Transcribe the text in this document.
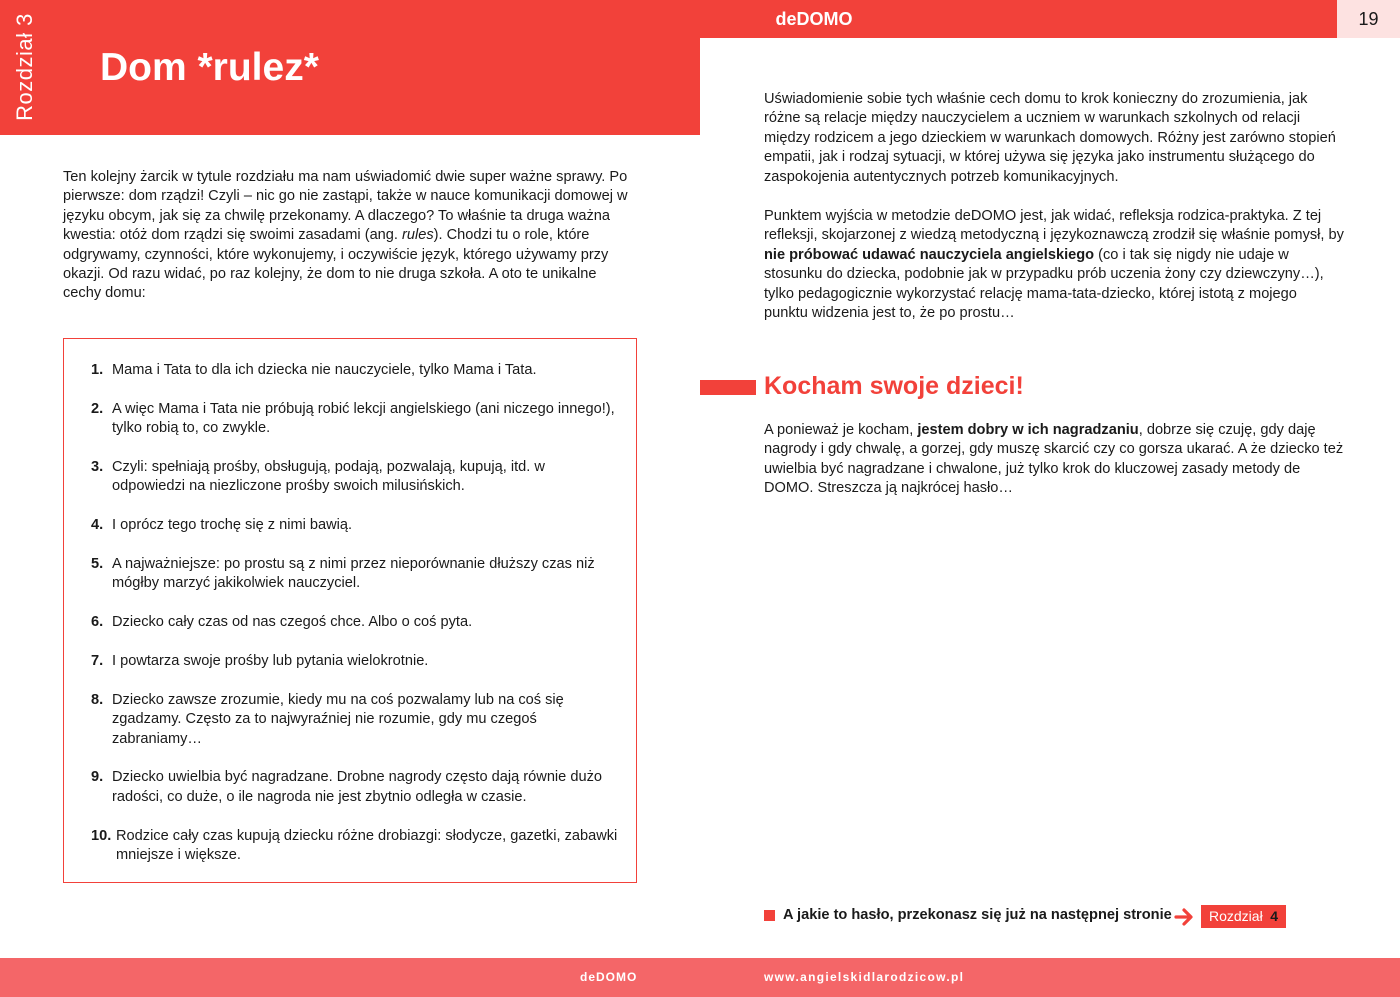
Rozdział 3	deDOMO	19
Dom *rulez*

Ten kolejny żarcik w tytule rozdziału ma nam uświadomić dwie super ważne sprawy. Po pierwsze: dom rządzi! Czyli – nic go nie zastąpi, także w nauce komunikacji domowej w języku obcym, jak się za chwilę przekonamy. A dlaczego? To właśnie ta druga ważna kwestia: otóż dom rządzi się swoimi zasadami (ang. rules). Chodzi tu o role, które odgrywamy, czynności, które wykonujemy, i oczywiście język, którego używamy przy okazji. Od razu widać, po raz kolejny, że dom to nie druga szkoła. A oto te unikalne cechy domu:

1. Mama i Tata to dla ich dziecka nie nauczyciele, tylko Mama i Tata.
2. A więc Mama i Tata nie próbują robić lekcji angielskiego (ani niczego innego!), tylko robią to, co zwykle.
3. Czyli: spełniają prośby, obsługują, podają, pozwalają, kupują, itd. w odpowiedzi na niezliczone prośby swoich milusińskich.
4. I oprócz tego trochę się z nimi bawią.
5. A najważniejsze: po prostu są z nimi przez nieporównanie dłuższy czas niż mógłby marzyć jakikolwiek nauczyciel.
6. Dziecko cały czas od nas czegoś chce. Albo o coś pyta.
7. I powtarza swoje prośby lub pytania wielokrotnie.
8. Dziecko zawsze zrozumie, kiedy mu na coś pozwalamy lub na coś się zgadzamy. Często za to najwyraźniej nie rozumie, gdy mu czegoś zabraniamy…
9. Dziecko uwielbia być nagradzane. Drobne nagrody często dają równie dużo radości, co duże, o ile nagroda nie jest zbytnio odległa w czasie.
10. Rodzice cały czas kupują dziecku różne drobiazgi: słodycze, gazetki, zabawki mniejsze i większe.

Uświadomienie sobie tych właśnie cech domu to krok konieczny do zrozumienia, jak różne są relacje między nauczycielem a uczniem w warunkach szkolnych od relacji między rodzicem a jego dzieckiem w warunkach domowych. Różny jest zarówno stopień empatii, jak i rodzaj sytuacji, w której używa się języka jako instrumentu służącego do zaspokojenia autentycznych potrzeb komunikacyjnych.

Punktem wyjścia w metodzie deDOMO jest, jak widać, refleksja rodzica-praktyka. Z tej refleksji, skojarzonej z wiedzą metodyczną i językoznawczą zrodził się właśnie pomysł, by nie próbować udawać nauczyciela angielskiego (co i tak się nigdy nie udaje w stosunku do dziecka, podobnie jak w przypadku prób uczenia żony czy dziewczyny…), tylko pedagogicznie wykorzystać relację mama-tata-dziecko, której istotą z mojego punktu widzenia jest to, że po prostu…

Kocham swoje dzieci!

A ponieważ je kocham, jestem dobry w ich nagradzaniu, dobrze się czuję, gdy daję nagrody i gdy chwalę, a gorzej, gdy muszę skarcić czy co gorsza ukarać. A że dziecko też uwielbia być nagradzane i chwalone, już tylko krok do kluczowej zasady metody de DOMO. Streszcza ją najkrócej hasło…

A jakie to hasło, przekonasz się już na następnej stronie	Rozdział 4
deDOMO	www.angielskidlarodzicow.pl
